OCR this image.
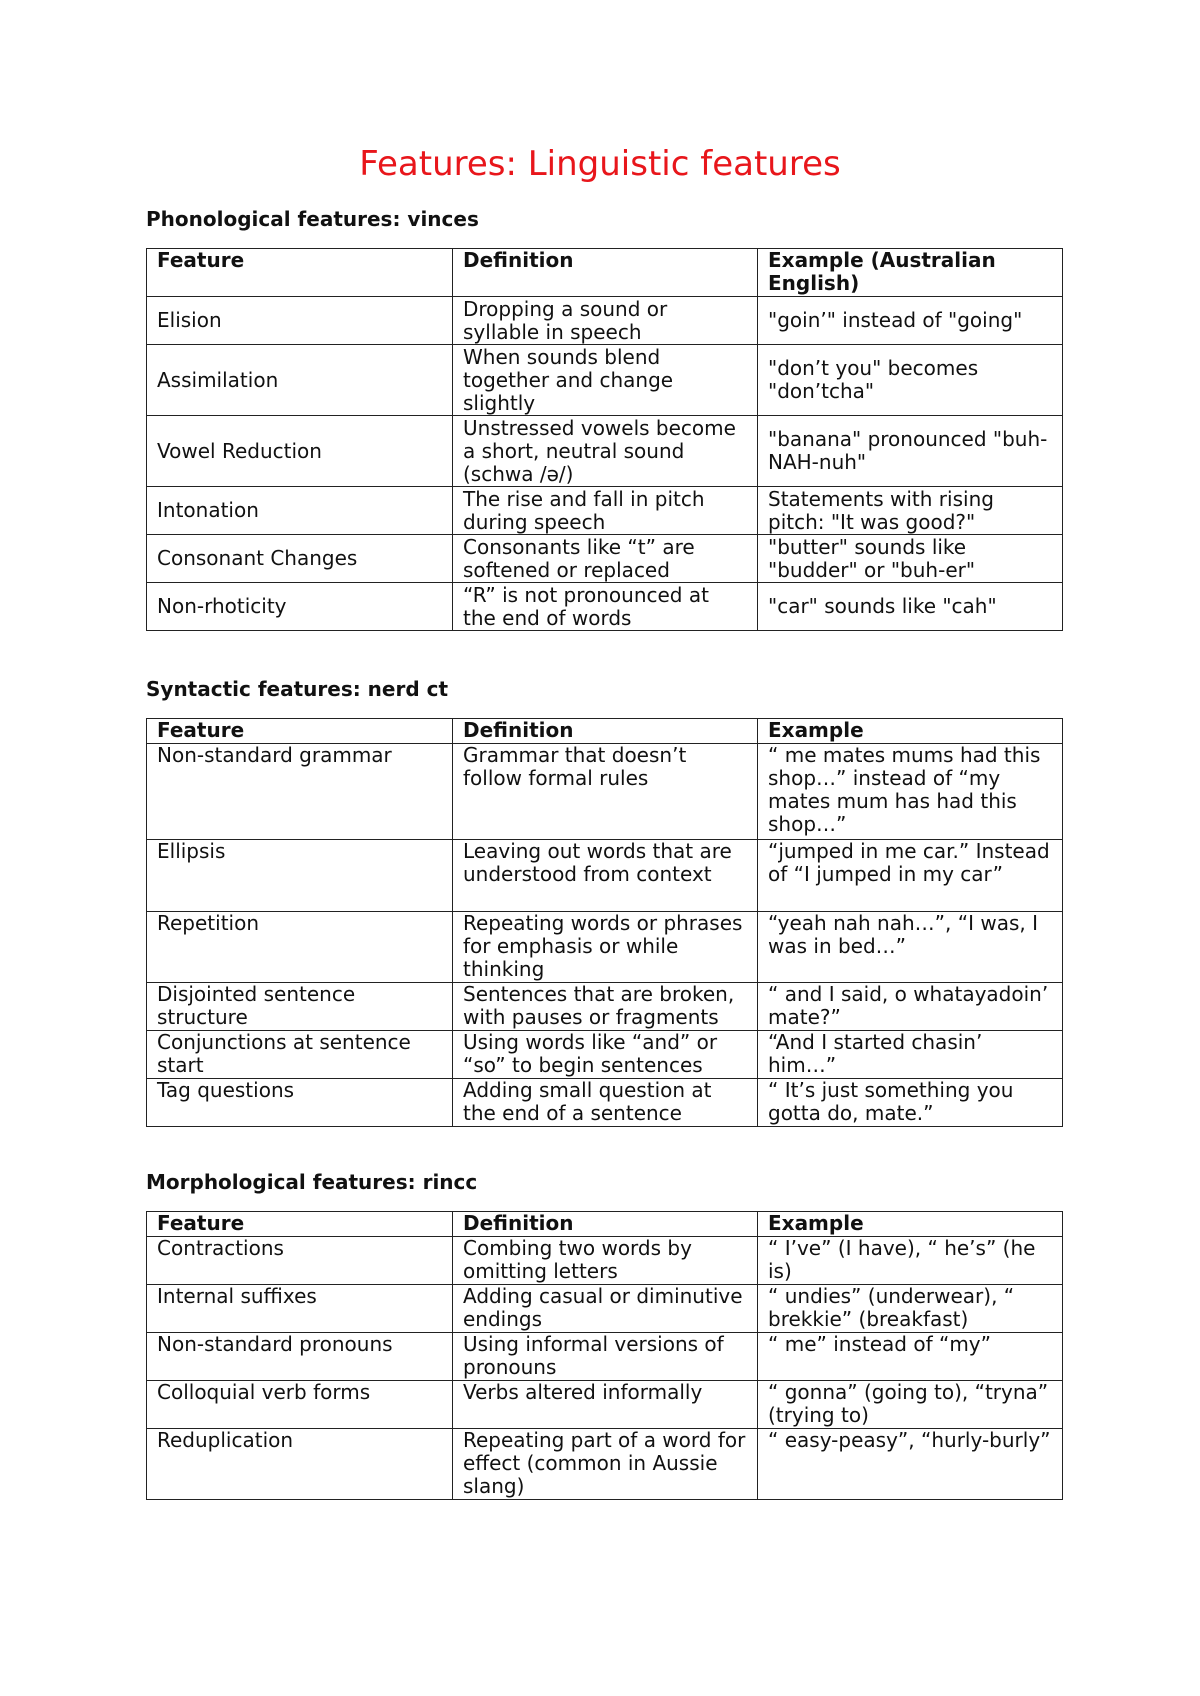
Features: Linguistic features
Phonological features: vinces
Feature	Definition	Example (Australian English)
Elision	Dropping a sound or syllable in speech	"goin’" instead of "going"
Assimilation	When sounds blend together and change slightly	"don’t you" becomes "don’tcha"
Vowel Reduction	Unstressed vowels become a short, neutral sound (schwa /ə/)	"banana" pronounced "buh-NAH-nuh"
Intonation	The rise and fall in pitch during speech	Statements with rising pitch: "It was good?"
Consonant Changes	Consonants like “t” are softened or replaced	"butter" sounds like "budder" or "buh-er"
Non-rhoticity	“R” is not pronounced at the end of words	"car" sounds like "cah"
Syntactic features: nerd ct
Feature	Definition	Example
Non-standard grammar	Grammar that doesn’t follow formal rules	“ me mates mums had this shop…” instead of “my mates mum has had this shop…”
Ellipsis	Leaving out words that are understood from context	“jumped in me car.” Instead of “I jumped in my car”
Repetition	Repeating words or phrases for emphasis or while thinking	“yeah nah nah…”, “I was, I was in bed…”
Disjointed sentence structure	Sentences that are broken, with pauses or fragments	“ and I said, o whatayadoin’ mate?”
Conjunctions at sentence start	Using words like “and” or “so” to begin sentences	“And I started chasin’ him…”
Tag questions	Adding small question at the end of a sentence	“ It’s just something you gotta do, mate.”
Morphological features: rincc
Feature	Definition	Example
Contractions	Combing two words by omitting letters	“ I’ve” (I have), “ he’s” (he is)
Internal suffixes	Adding casual or diminutive endings	“ undies” (underwear), “ brekkie” (breakfast)
Non-standard pronouns	Using informal versions of pronouns	“ me” instead of “my”
Colloquial verb forms	Verbs altered informally	“ gonna” (going to), “tryna” (trying to)
Reduplication	Repeating part of a word for effect (common in Aussie slang)	“ easy-peasy”, “hurly-burly”
